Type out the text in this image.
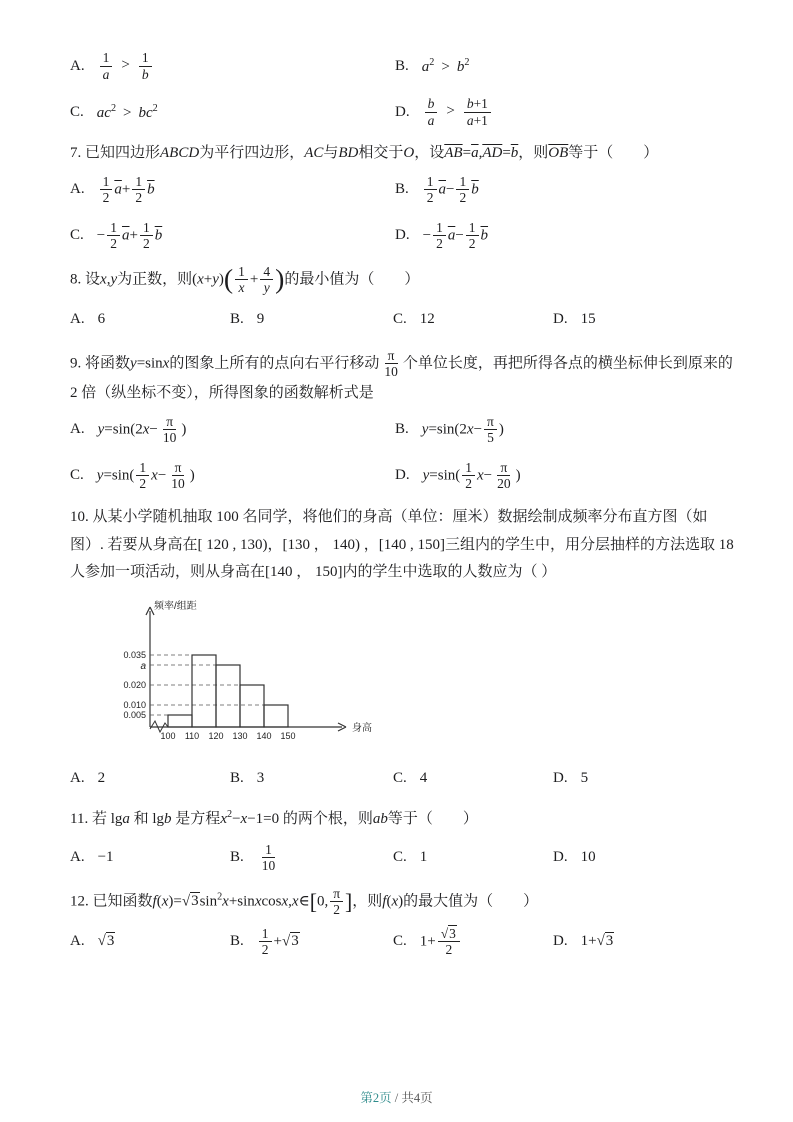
A. $\frac{1}{a} > \frac{1}{b}$	B. $a^2 > b^2$
C. $ac^2 > bc^2$	D. $\frac{b}{a} > \frac{b+1}{a+1}$
7. 已知四边形ABCD为平行四边形，AC与BD相交于O，设$\overline{AB}=\overline{a},\overline{AD}=\overline{b}$，则$\overline{OB}$等于（　　）
A. $\frac{1}{2} \overline{a}+ \frac{1}{2} \overline{b}$	B. $\frac{1}{2} \overline{a}- \frac{1}{2} \overline{b}$
C. − $\frac{1}{2} \overline{a}+ \frac{1}{2} \overline{b}$	D. − $\frac{1}{2} \overline{a}- \frac{1}{2} \overline{b}$
8. 设x,y为正数，则$(x+y)( \frac{1}{x} + \frac{4}{y}$ )的最小值为（　　）
A. 6	B. 9	C. 12	D. 15
9. 将函数y=sinx的图象上所有的点向右平行移动 $\frac{\pi}{10}$ 个单位长度，再把所得各点的横坐标伸长到原来的 2 倍（纵坐标不变），所得图象的函数解析式是
A. $y=\sin(2x- \frac{\pi}{10}$ )	B. $y=\sin(2x- \frac{\pi}{5}$ )
C. $y=\sin( \frac{1}{2} x- \frac{\pi}{10}$ )	D. $y=\sin( \frac{1}{2} x- \frac{\pi}{20}$ )
10. 从某小学随机抽取 100 名同学，将他们的身高（单位：厘米）数据绘制成频率分布直方图（如图）. 若要从身高在[ 120 , 130)，[130 ， 140) ，[140 , 150]三组内的学生中，用分层抽样的方法选取 18 人参加一项活动，则从身高在[140 ， 150]内的学生中选取的人数应为（ ）
0.035
a
0.020
0.010
0.005
100 110 120 130 140 150
频率/组距
身高
A. 2	B. 3	C. 4	D. 5
11. 若 lga 和 lgb 是方程$x^2-x-1=0$ 的两个根，则ab等于（　　）
A. −1	B. $\frac{1}{10}$	C. 1	D. 10
12. 已知函数$f(x)=√3\sin^2x+sinxcosx,x\in[0$, $\frac{\pi}{2}$ ]，则f(x)的最大值为（　　）
A. √3	B. $\frac{1}{2} +√3$	C. $1+ \frac{√3}{2}$	D. 1+√3
第2页 / 共4页
